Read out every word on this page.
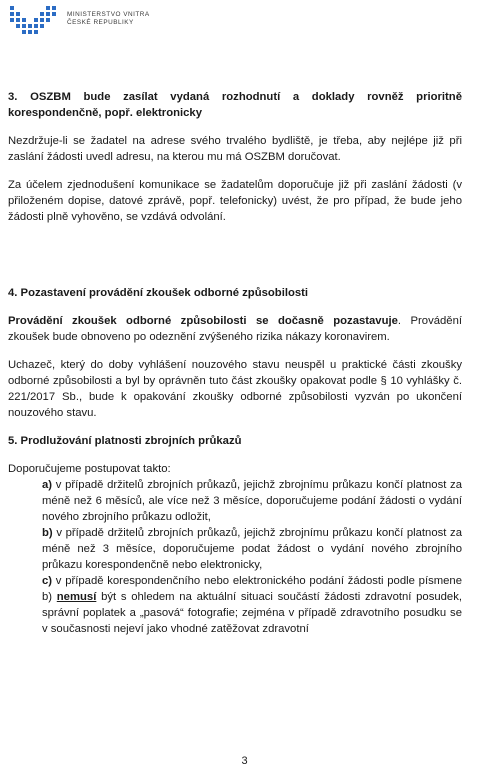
MINISTERSTVO VNITRA
ČESKÉ REPUBLIKY

3. OSZBM bude zasílat vydaná rozhodnutí a doklady rovněž prioritně korespondenčně, popř. elektronicky

Nezdržuje-li se žadatel na adrese svého trvalého bydliště, je třeba, aby nejlépe již při zaslání žádosti uvedl adresu, na kterou mu má OSZBM doručovat.

Za účelem zjednodušení komunikace se žadatelům doporučuje již při zaslání žádosti (v přiloženém dopise, datové zprávě, popř. telefonicky) uvést, že pro případ, že bude jeho žádosti plně vyhověno, se vzdává odvolání.

4. Pozastavení provádění zkoušek odborné způsobilosti

Provádění zkoušek odborné způsobilosti se dočasně pozastavuje. Provádění zkoušek bude obnoveno po odeznění zvýšeného rizika nákazy koronavirem.

Uchazeč, který do doby vyhlášení nouzového stavu neuspěl u praktické části zkoušky odborné způsobilosti a byl by oprávněn tuto část zkoušky opakovat podle § 10 vyhlášky č. 221/2017 Sb., bude k opakování zkoušky odborné způsobilosti vyzván po ukončení nouzového stavu.

5. Prodlužování platnosti zbrojních průkazů

Doporučujeme postupovat takto:

a) v případě držitelů zbrojních průkazů, jejichž zbrojnímu průkazu končí platnost za méně než 6 měsíců, ale více než 3 měsíce, doporučujeme podání žádosti o vydání nového zbrojního průkazu odložit,

b) v případě držitelů zbrojních průkazů, jejichž zbrojnímu průkazu končí platnost za méně než 3 měsíce, doporučujeme podat žádost o vydání nového zbrojního průkazu korespondenčně nebo elektronicky,

c) v případě korespondenčního nebo elektronického podání žádosti podle písmene b) nemusí být s ohledem na aktuální situaci součástí žádosti zdravotní posudek, správní poplatek a „pasová“ fotografie; zejména v případě zdravotního posudku se v současnosti nejeví jako vhodné zatěžovat zdravotní

3
